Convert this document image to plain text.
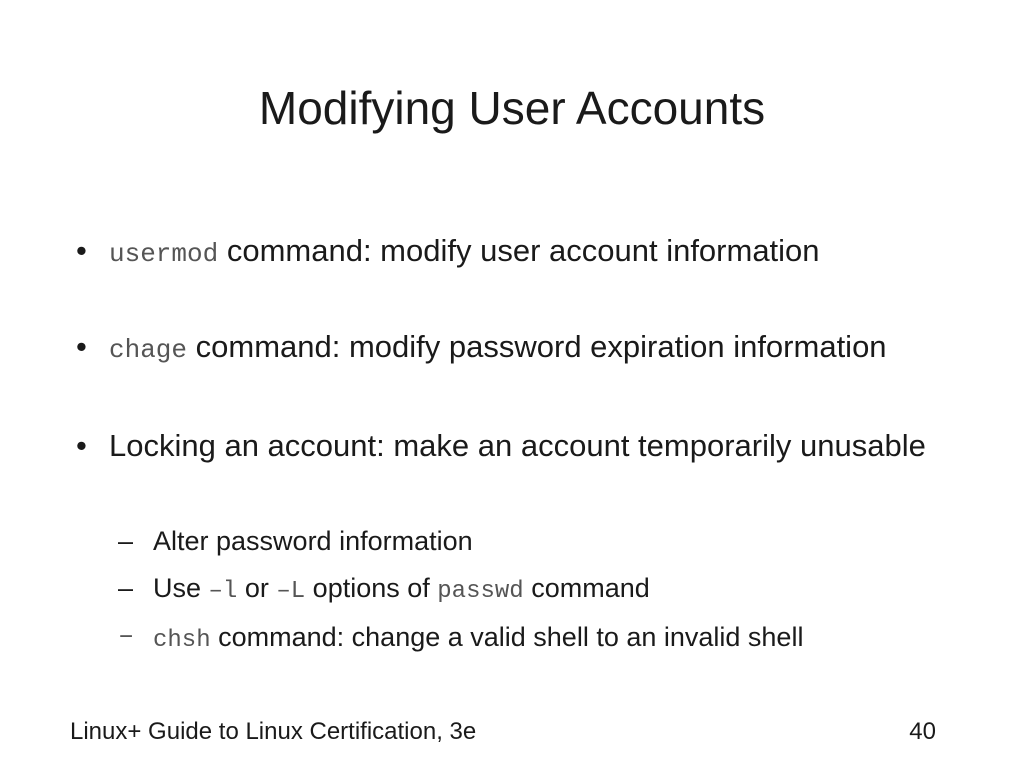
Modifying User Accounts
• usermod command: modify user account information
• chage command: modify password expiration information
• Locking an account: make an account temporarily unusable
– Alter password information
– Use –l or –L options of passwd command
– chsh command: change a valid shell to an invalid shell
Linux+ Guide to Linux Certification, 3e	40
